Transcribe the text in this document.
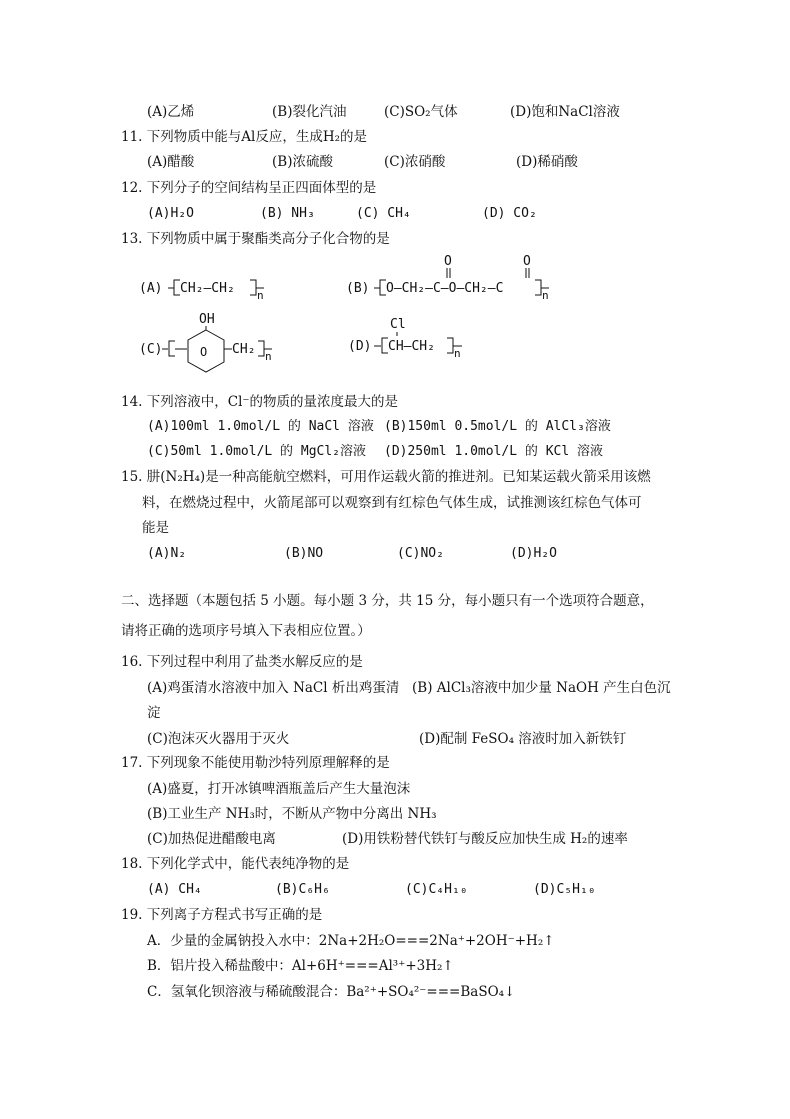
(A)乙烯	(B)裂化汽油	(C)SO₂气体	(D)饱和NaCl溶液
11. 下列物质中能与Al反应，生成H₂的是
(A)醋酸	(B)浓硫酸	(C)浓硝酸	(D)稀硝酸
12. 下列分子的空间结构呈正四面体型的是
(A)H₂O	(B) NH₃	(C) CH₄	(D) CO₂
13. 下列物质中属于聚酯类高分子化合物的是
(A) CH₂—CH₂ n	(B)
O	O
O—CH₂—C—O—CH₂—C	n
(C)
OH
O CH₂ n
(D)
Cl
CH—CH₂ n
14. 下列溶液中，Cl⁻的物质的量浓度最大的是
(A)100ml 1.0mol/L 的 NaCl 溶液 (B)150ml 0.5mol/L 的 AlCl₃溶液
(C)50ml 1.0mol/L 的 MgCl₂溶液 (D)250ml 1.0mol/L 的 KCl 溶液
15. 肼(N₂H₄)是一种高能航空燃料，可用作运载火箭的推进剂。已知某运载火箭采用该燃
料，在燃烧过程中，火箭尾部可以观察到有红棕色气体生成，试推测该红棕色气体可
能是
(A)N₂	(B)NO	(C)NO₂	(D)H₂O
二、选择题（本题包括 5 小题。每小题 3 分，共 15 分，每小题只有一个选项符合题意，
请将正确的选项序号填入下表相应位置。）
16. 下列过程中利用了盐类水解反应的是
(A)鸡蛋清水溶液中加入 NaCl 析出鸡蛋清 (B) AlCl₃溶液中加少量 NaOH 产生白色沉
淀
(C)泡沫灭火器用于灭火	(D)配制 FeSO₄ 溶液时加入新铁钉
17. 下列现象不能使用勒沙特列原理解释的是
(A)盛夏，打开冰镇啤酒瓶盖后产生大量泡沫
(B)工业生产 NH₃时，不断从产物中分离出 NH₃
(C)加热促进醋酸电离	(D)用铁粉替代铁钉与酸反应加快生成 H₂的速率
18. 下列化学式中，能代表纯净物的是
(A) CH₄	(B)C₆H₆	(C)C₄H₁₀	(D)C₅H₁₀
19. 下列离子方程式书写正确的是
A．少量的金属钠投入水中：2Na+2H₂O===2Na⁺+2OH⁻+H₂↑
B．铝片投入稀盐酸中：Al+6H⁺===Al³⁺+3H₂↑
C．氢氧化钡溶液与稀硫酸混合：Ba²⁺+SO₄²⁻===BaSO₄↓
